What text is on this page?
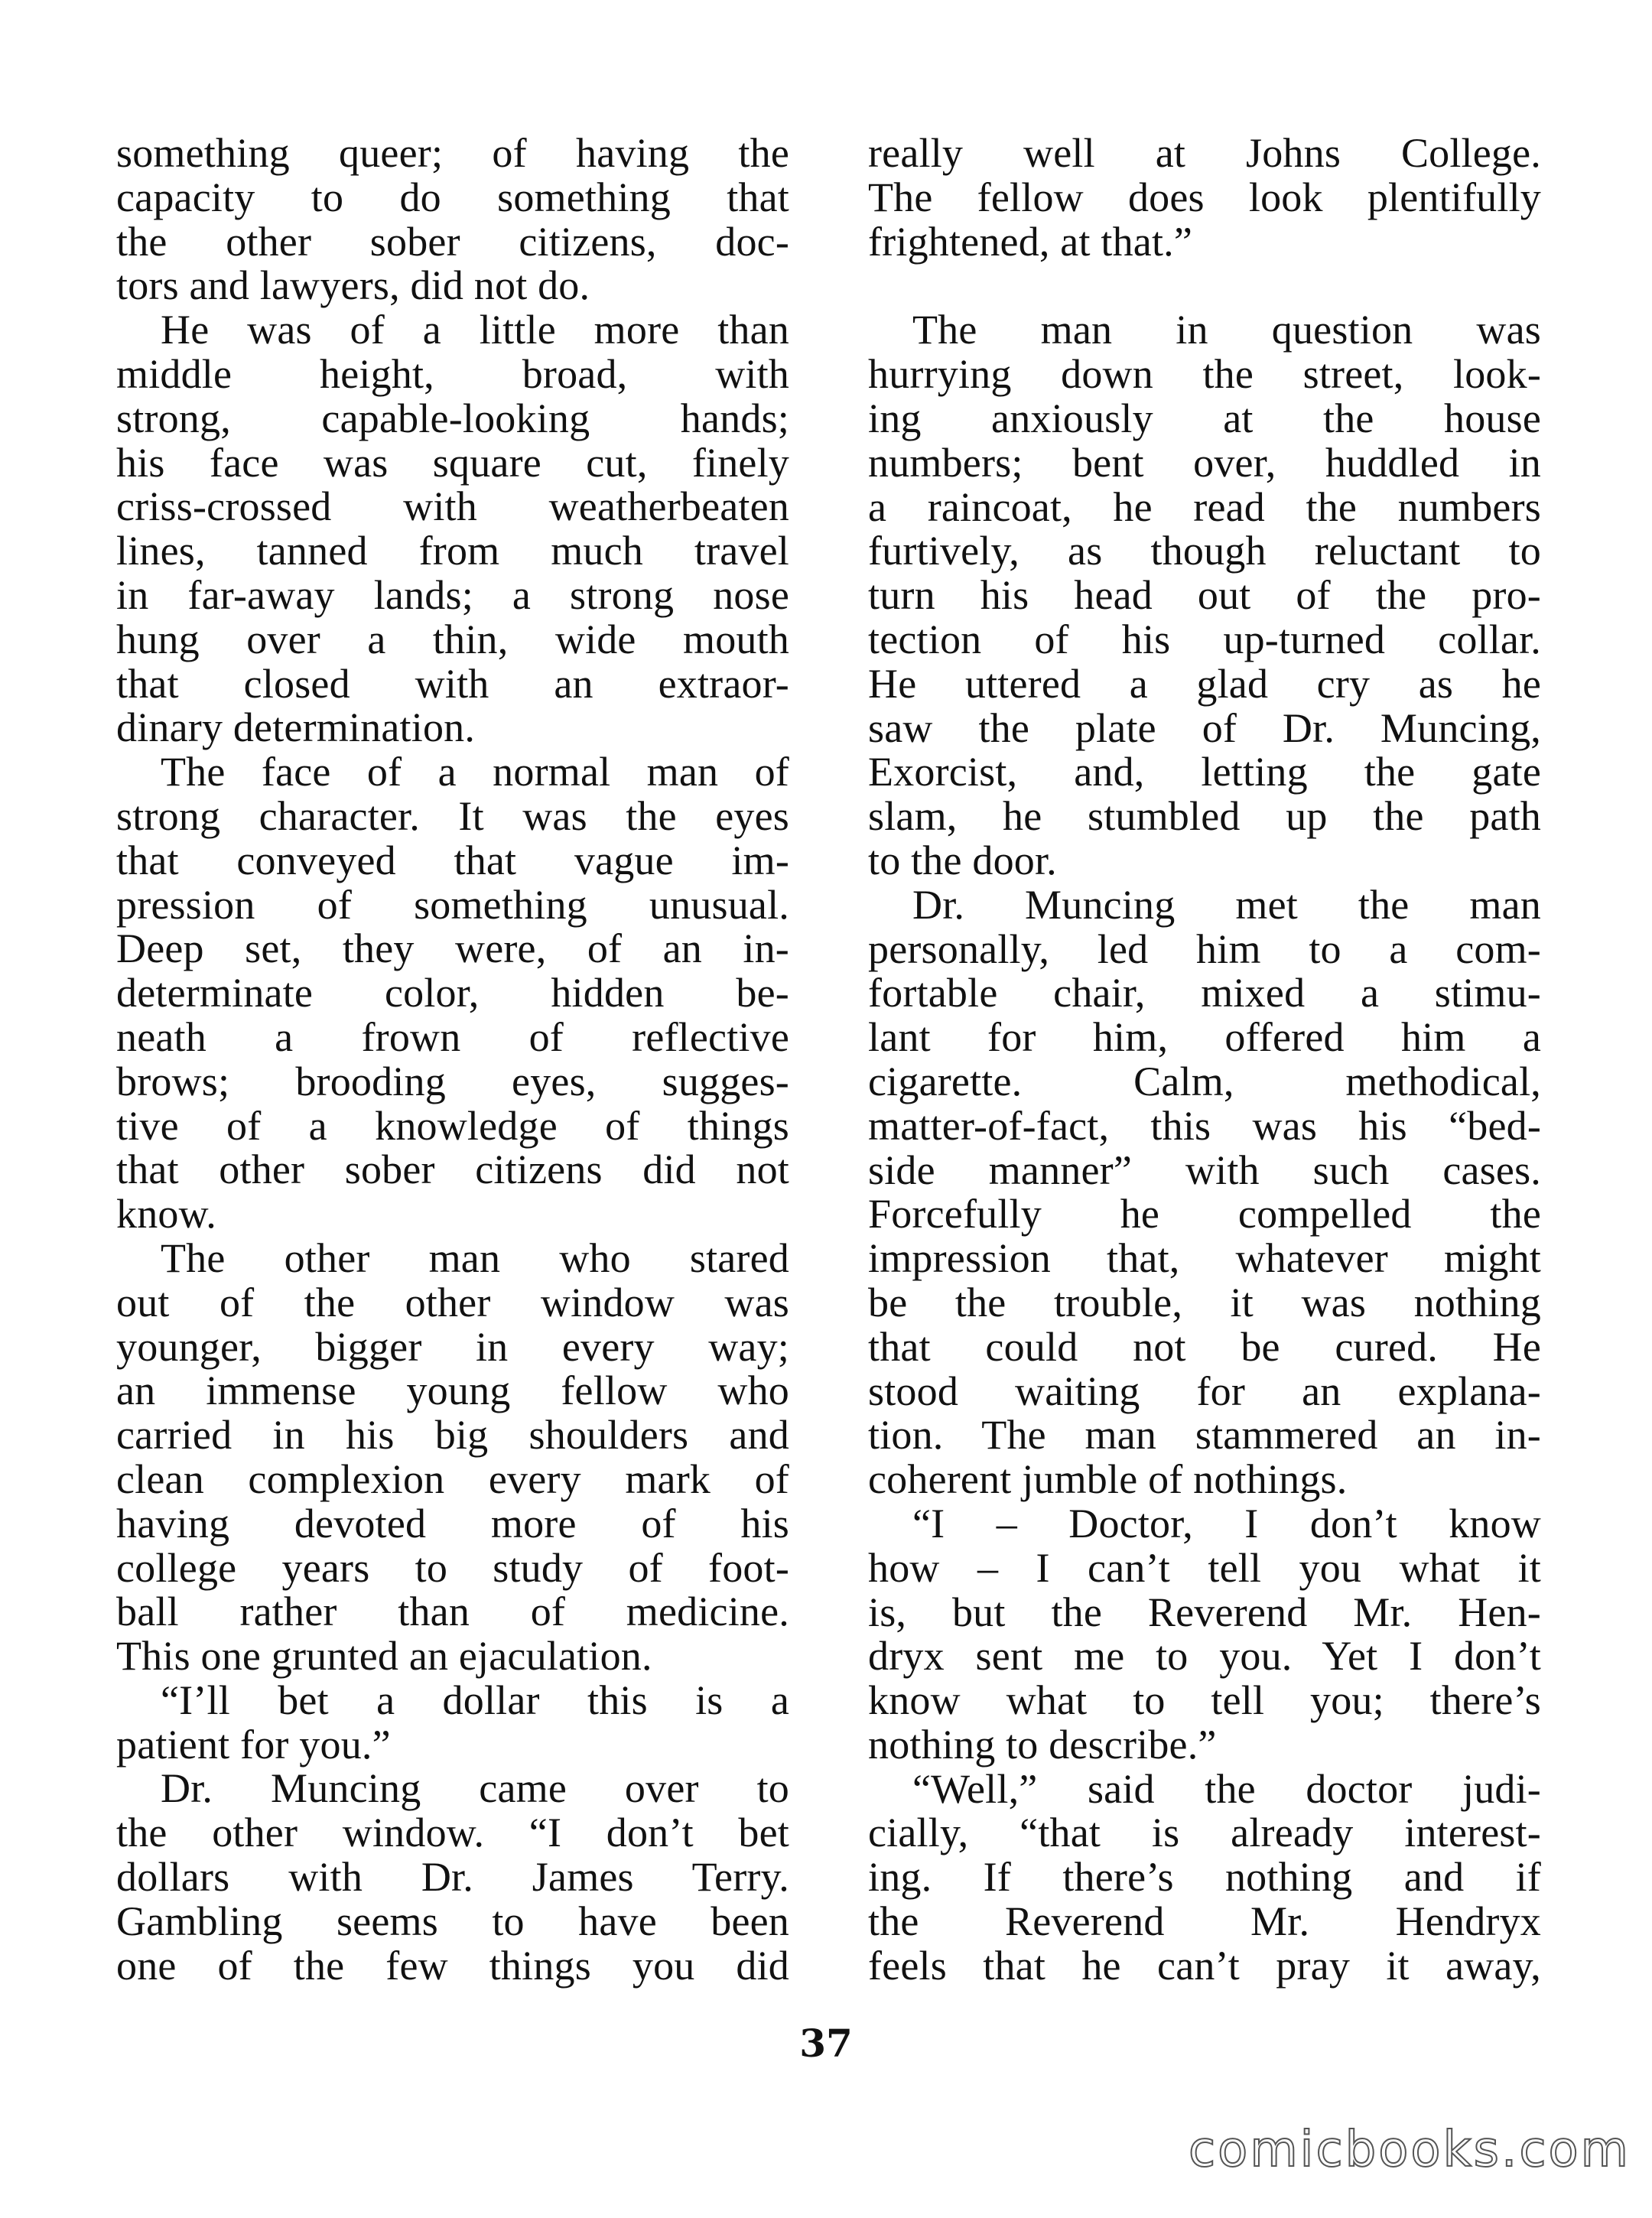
something queer; of having the
capacity to do something that
the other sober citizens, doc-
tors and lawyers, did not do.

He was of a little more than
middle height, broad, with
strong, capable-looking hands;
his face was square cut, finely
criss-crossed with weatherbeaten
lines, tanned from much travel
in far-away lands; a strong nose
hung over a thin, wide mouth
that closed with an extraor-
dinary determination.

The face of a normal man of
strong character. It was the eyes
that conveyed that vague im-
pression of something unusual.
Deep set, they were, of an in-
determinate color, hidden be-
neath a frown of reflective
brows; brooding eyes, sugges-
tive of a knowledge of things
that other sober citizens did not
know.

The other man who stared
out of the other window was
younger, bigger in every way;
an immense young fellow who
carried in his big shoulders and
clean complexion every mark of
having devoted more of his
college years to study of foot-
ball rather than of medicine.
This one grunted an ejaculation.

“I’ll bet a dollar this is a
patient for you.”

Dr. Muncing came over to
the other window. “I don’t bet
dollars with Dr. James Terry.
Gambling seems to have been
one of the few things you did

really well at Johns College.
The fellow does look plentifully
frightened, at that.”

The man in question was
hurrying down the street, look-
ing anxiously at the house
numbers; bent over, huddled in
a raincoat, he read the numbers
furtively, as though reluctant to
turn his head out of the pro-
tection of his up-turned collar.
He uttered a glad cry as he
saw the plate of Dr. Muncing,
Exorcist, and, letting the gate
slam, he stumbled up the path
to the door.

Dr. Muncing met the man
personally, led him to a com-
fortable chair, mixed a stimu-
lant for him, offered him a
cigarette. Calm, methodical,
matter-of-fact, this was his “bed-
side manner” with such cases.
Forcefully he compelled the
impression that, whatever might
be the trouble, it was nothing
that could not be cured. He
stood waiting for an explana-
tion. The man stammered an in-
coherent jumble of nothings.

“I – Doctor, I don’t know
how – I can’t tell you what it
is, but the Reverend Mr. Hen-
dryx sent me to you. Yet I don’t
know what to tell you; there’s
nothing to describe.”

“Well,” said the doctor judi-
cially, “that is already interest-
ing. If there’s nothing and if
the Reverend Mr. Hendryx
feels that he can’t pray it away,

37
comicbooks.com
